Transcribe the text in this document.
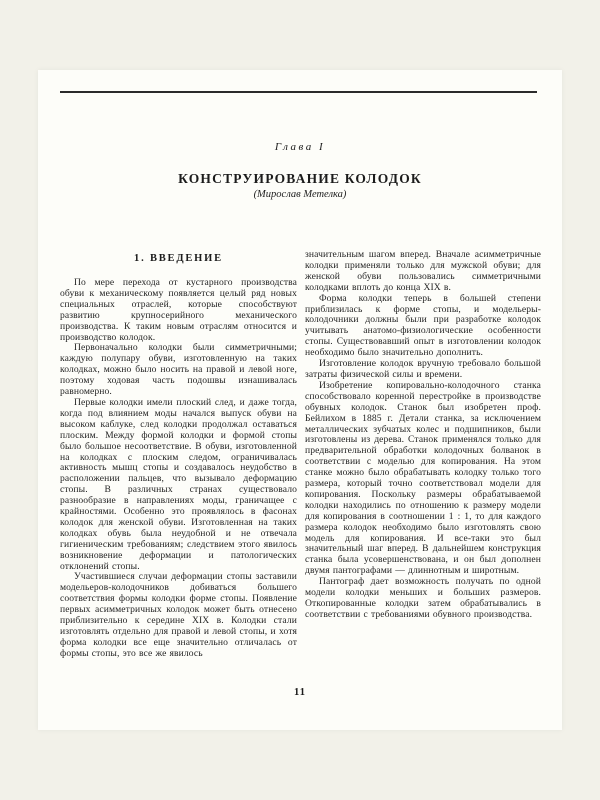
Глава I
КОНСТРУИРОВАНИЕ КОЛОДОК
(Мирослав Метелка)
1. ВВЕДЕНИЕ

По мере перехода от кустарного производства обуви к механическому появляется целый ряд новых специальных отраслей, которые способствуют развитию крупносерийного механического производства. К таким новым отраслям относится и производство колодок.

Первоначально колодки были симметричными; каждую полупару обуви, изготовленную на таких колодках, можно было носить на правой и левой ноге, поэтому ходовая часть подошвы изнашивалась равномерно.

Первые колодки имели плоский след, и даже тогда, когда под влиянием моды начался выпуск обуви на высоком каблуке, след колодки продолжал оставаться плоским. Между формой колодки и формой стопы было большое несоответствие. В обуви, изготовленной на колодках с плоским следом, ограничивалась активность мышц стопы и создавалось неудобство в расположении пальцев, что вызывало деформацию стопы. В различных странах существовало разнообразие в направлениях моды, граничащее с крайностями. Особенно это проявлялось в фасонах колодок для женской обуви. Изготовленная на таких колодках обувь была неудобной и не отвечала гигиеническим требованиям; следствием этого явилось возникновение деформации и патологических отклонений стопы.

Участившиеся случаи деформации стопы заставили модельеров-колодочников добиваться большего соответствия формы колодки форме стопы. Появление первых асимметричных колодок может быть отнесено приблизительно к середине XIX в. Колодки стали изготовлять отдельно для правой и левой стопы, и хотя форма колодки все еще значительно отличалась от формы стопы, это все же явилось

значительным шагом вперед. Вначале асимметричные колодки применяли только для мужской обуви; для женской обуви пользовались симметричными колодками вплоть до конца XIX в.

Форма колодки теперь в большей степени приблизилась к форме стопы, и модельеры-колодочники должны были при разработке колодок учитывать анатомо-физиологические особенности стопы. Существовавший опыт в изготовлении колодок необходимо было значительно дополнить.

Изготовление колодок вручную требовало большой затраты физической силы и времени.

Изобретение копировально-колодочного станка способствовало коренной перестройке в производстве обувных колодок. Станок был изобретен проф. Бейлихом в 1885 г. Детали станка, за исключением металлических зубчатых колес и подшипников, были изготовлены из дерева. Станок применялся только для предварительной обработки колодочных болванок в соответствии с моделью для копирования. На этом станке можно было обрабатывать колодку только того размера, который точно соответствовал модели для копирования. Поскольку размеры обрабатываемой колодки находились по отношению к размеру модели для копирования в соотношении 1 : 1, то для каждого размера колодок необходимо было изготовлять свою модель для копирования. И все-таки это был значительный шаг вперед. В дальнейшем конструкция станка была усовершенствована, и он был дополнен двумя пантографами — длиннотным и широтным.

Пантограф дает возможность получать по одной модели колодки меньших и больших размеров. Откопированные колодки затем обрабатывались в соответствии с требованиями обувного производства.

11
